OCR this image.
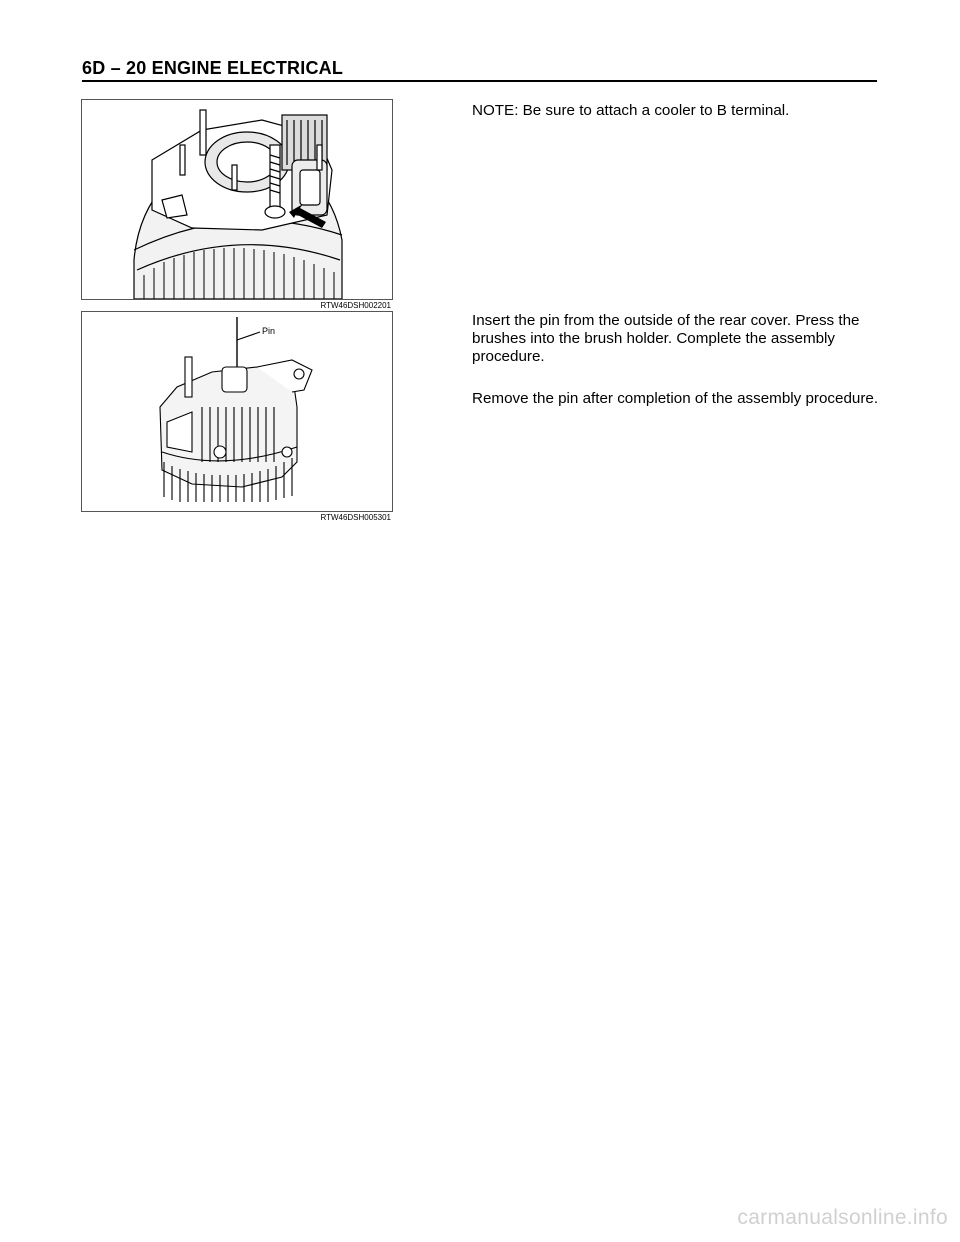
6D – 20 ENGINE ELECTRICAL
RTW46DSH002201
Pin
RTW46DSH005301
NOTE: Be sure to attach a cooler to B terminal.
Insert the pin from the outside of the rear cover. Press the brushes into the brush holder. Complete the assembly procedure.
Remove the pin after completion of the assembly procedure.
carmanualsonline.info
